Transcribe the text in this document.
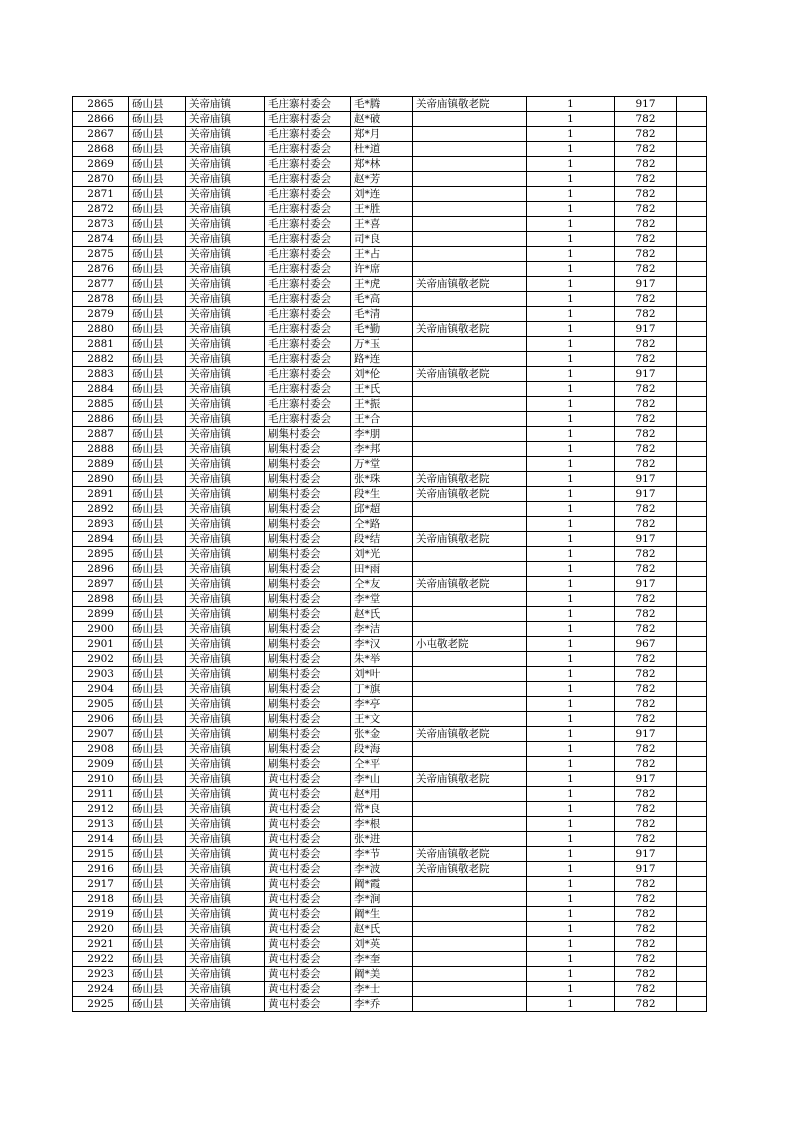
2865	砀山县	关帝庙镇	毛庄寨村委会	毛*腾	关帝庙镇敬老院	1	917	
2866	砀山县	关帝庙镇	毛庄寨村委会	赵*破		1	782	
2867	砀山县	关帝庙镇	毛庄寨村委会	郑*月		1	782	
2868	砀山县	关帝庙镇	毛庄寨村委会	杜*道		1	782	
2869	砀山县	关帝庙镇	毛庄寨村委会	郑*林		1	782	
2870	砀山县	关帝庙镇	毛庄寨村委会	赵*芳		1	782	
2871	砀山县	关帝庙镇	毛庄寨村委会	刘*连		1	782	
2872	砀山县	关帝庙镇	毛庄寨村委会	王*胜		1	782	
2873	砀山县	关帝庙镇	毛庄寨村委会	王*喜		1	782	
2874	砀山县	关帝庙镇	毛庄寨村委会	司*良		1	782	
2875	砀山县	关帝庙镇	毛庄寨村委会	王*占		1	782	
2876	砀山县	关帝庙镇	毛庄寨村委会	许*席		1	782	
2877	砀山县	关帝庙镇	毛庄寨村委会	王*虎	关帝庙镇敬老院	1	917	
2878	砀山县	关帝庙镇	毛庄寨村委会	毛*高		1	782	
2879	砀山县	关帝庙镇	毛庄寨村委会	毛*清		1	782	
2880	砀山县	关帝庙镇	毛庄寨村委会	毛*勤	关帝庙镇敬老院	1	917	
2881	砀山县	关帝庙镇	毛庄寨村委会	万*玉		1	782	
2882	砀山县	关帝庙镇	毛庄寨村委会	路*连		1	782	
2883	砀山县	关帝庙镇	毛庄寨村委会	刘*伦	关帝庙镇敬老院	1	917	
2884	砀山县	关帝庙镇	毛庄寨村委会	王*氏		1	782	
2885	砀山县	关帝庙镇	毛庄寨村委会	王*振		1	782	
2886	砀山县	关帝庙镇	毛庄寨村委会	王*合		1	782	
2887	砀山县	关帝庙镇	刷集村委会	李*朋		1	782	
2888	砀山县	关帝庙镇	刷集村委会	李*邦		1	782	
2889	砀山县	关帝庙镇	刷集村委会	万*堂		1	782	
2890	砀山县	关帝庙镇	刷集村委会	张*珠	关帝庙镇敬老院	1	917	
2891	砀山县	关帝庙镇	刷集村委会	段*生	关帝庙镇敬老院	1	917	
2892	砀山县	关帝庙镇	刷集村委会	邱*超		1	782	
2893	砀山县	关帝庙镇	刷集村委会	仝*路		1	782	
2894	砀山县	关帝庙镇	刷集村委会	段*结	关帝庙镇敬老院	1	917	
2895	砀山县	关帝庙镇	刷集村委会	刘*光		1	782	
2896	砀山县	关帝庙镇	刷集村委会	田*雨		1	782	
2897	砀山县	关帝庙镇	刷集村委会	仝*友	关帝庙镇敬老院	1	917	
2898	砀山县	关帝庙镇	刷集村委会	李*堂		1	782	
2899	砀山县	关帝庙镇	刷集村委会	赵*氏		1	782	
2900	砀山县	关帝庙镇	刷集村委会	李*洁		1	782	
2901	砀山县	关帝庙镇	刷集村委会	李*汉	小屯敬老院	1	967	
2902	砀山县	关帝庙镇	刷集村委会	朱*举		1	782	
2903	砀山县	关帝庙镇	刷集村委会	刘*叶		1	782	
2904	砀山县	关帝庙镇	刷集村委会	丁*旗		1	782	
2905	砀山县	关帝庙镇	刷集村委会	李*亭		1	782	
2906	砀山县	关帝庙镇	刷集村委会	王*文		1	782	
2907	砀山县	关帝庙镇	刷集村委会	张*金	关帝庙镇敬老院	1	917	
2908	砀山县	关帝庙镇	刷集村委会	段*海		1	782	
2909	砀山县	关帝庙镇	刷集村委会	仝*平		1	782	
2910	砀山县	关帝庙镇	黄屯村委会	李*山	关帝庙镇敬老院	1	917	
2911	砀山县	关帝庙镇	黄屯村委会	赵*用		1	782	
2912	砀山县	关帝庙镇	黄屯村委会	常*良		1	782	
2913	砀山县	关帝庙镇	黄屯村委会	李*根		1	782	
2914	砀山县	关帝庙镇	黄屯村委会	张*进		1	782	
2915	砀山县	关帝庙镇	黄屯村委会	李*节	关帝庙镇敬老院	1	917	
2916	砀山县	关帝庙镇	黄屯村委会	李*波	关帝庙镇敬老院	1	917	
2917	砀山县	关帝庙镇	黄屯村委会	阚*霞		1	782	
2918	砀山县	关帝庙镇	黄屯村委会	李*涧		1	782	
2919	砀山县	关帝庙镇	黄屯村委会	阚*生		1	782	
2920	砀山县	关帝庙镇	黄屯村委会	赵*氏		1	782	
2921	砀山县	关帝庙镇	黄屯村委会	刘*英		1	782	
2922	砀山县	关帝庙镇	黄屯村委会	李*奎		1	782	
2923	砀山县	关帝庙镇	黄屯村委会	阚*美		1	782	
2924	砀山县	关帝庙镇	黄屯村委会	李*士		1	782	
2925	砀山县	关帝庙镇	黄屯村委会	李*乔		1	782	
